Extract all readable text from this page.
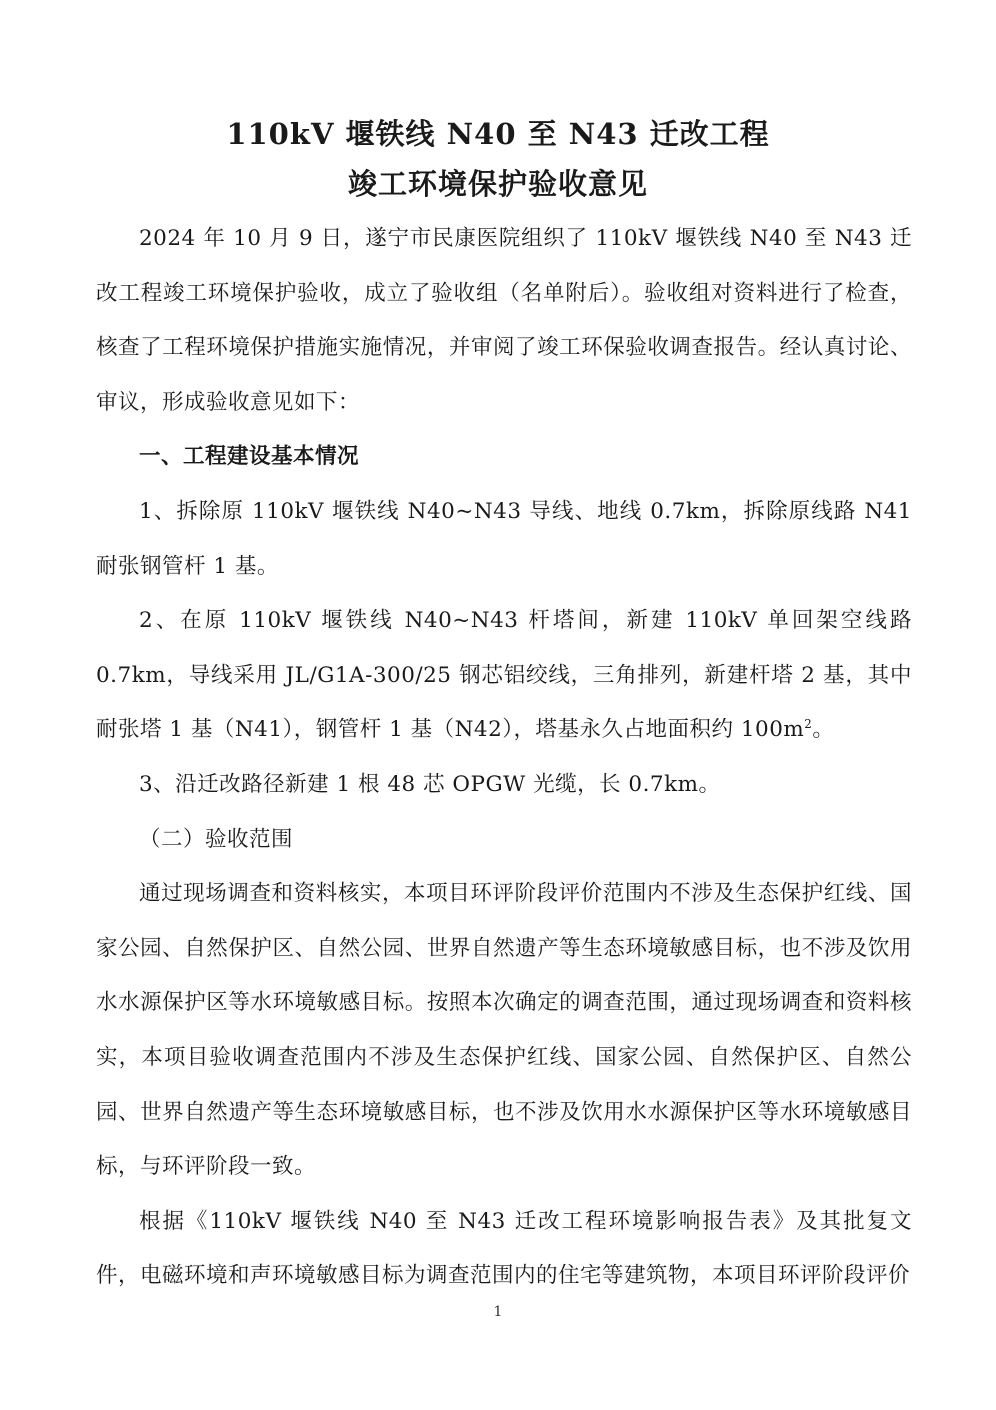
110kV 堰铁线 N40 至 N43 迁改工程
竣工环境保护验收意见

2024 年 10 月 9 日，遂宁市民康医院组织了 110kV 堰铁线 N40 至 N43 迁改工程竣工环境保护验收，成立了验收组（名单附后）。验收组对资料进行了检查，核查了工程环境保护措施实施情况，并审阅了竣工环保验收调查报告。经认真讨论、审议，形成验收意见如下：

一、工程建设基本情况

1、拆除原 110kV 堰铁线 N40~N43 导线、地线 0.7km，拆除原线路 N41 耐张钢管杆 1 基。

2、在原 110kV 堰铁线 N40~N43 杆塔间，新建 110kV 单回架空线路 0.7km，导线采用 JL/G1A-300/25 钢芯铝绞线，三角排列，新建杆塔 2 基，其中耐张塔 1 基（N41），钢管杆 1 基（N42），塔基永久占地面积约 $100m^2$。

3、沿迁改路径新建 1 根 48 芯 OPGW 光缆，长 0.7km。

（二）验收范围

通过现场调查和资料核实，本项目环评阶段评价范围内不涉及生态保护红线、国家公园、自然保护区、自然公园、世界自然遗产等生态环境敏感目标，也不涉及饮用水水源保护区等水环境敏感目标。按照本次确定的调查范围，通过现场调查和资料核实，本项目验收调查范围内不涉及生态保护红线、国家公园、自然保护区、自然公园、世界自然遗产等生态环境敏感目标，也不涉及饮用水水源保护区等水环境敏感目标，与环评阶段一致。

根据《110kV 堰铁线 N40 至 N43 迁改工程环境影响报告表》及其批复文件，电磁环境和声环境敏感目标为调查范围内的住宅等建筑物，本项目环评阶段评价

1
